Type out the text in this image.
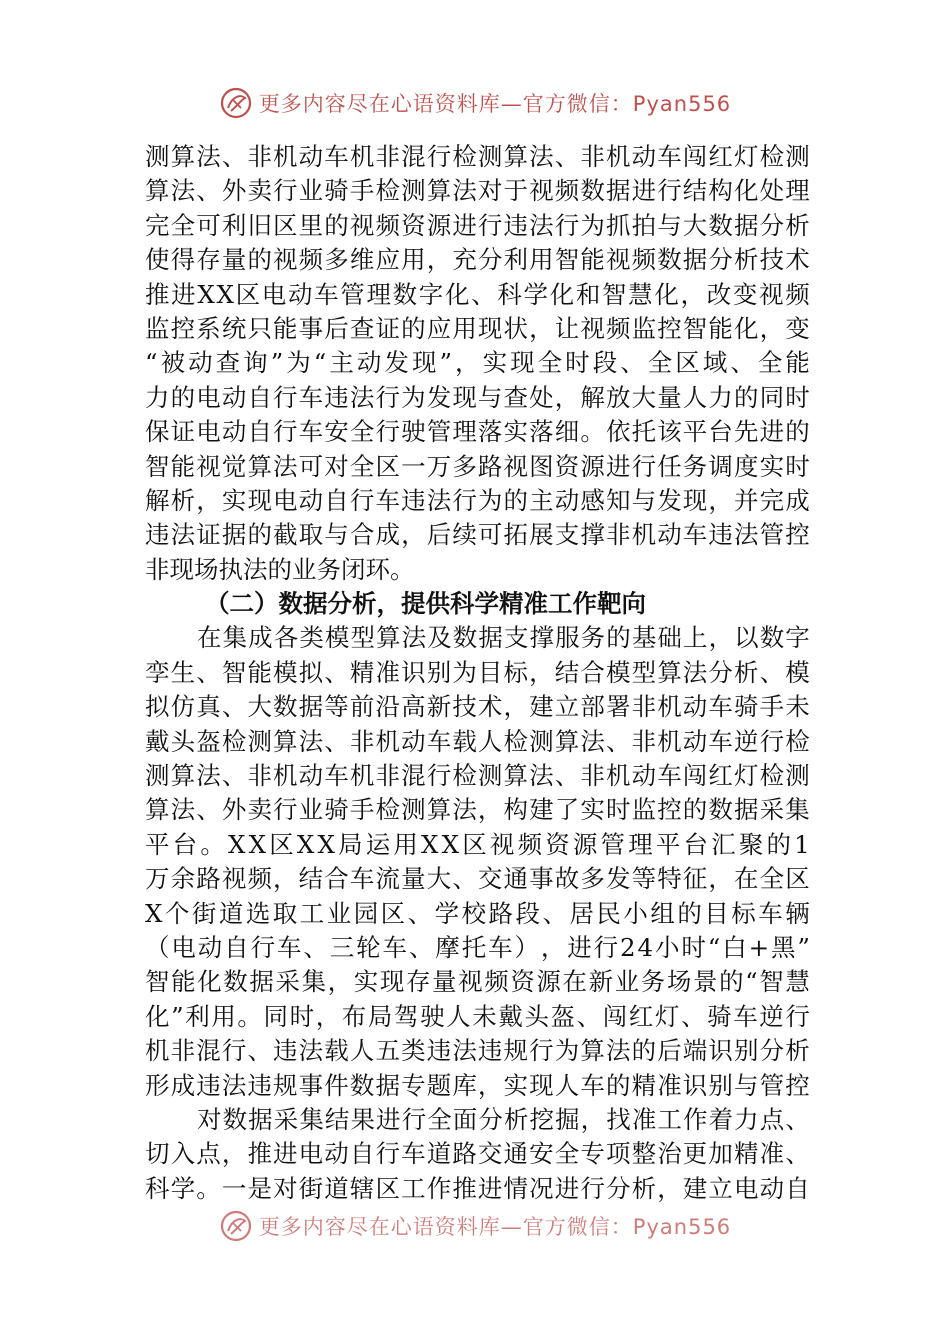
更多内容尽在心语资料库—官方微信：Pyan556
测 算 法 、 非 机 动 车 机 非 混 行 检 测 算 法 、 非 机 动 车 闯 红 灯 检 测
算 法 、 外 卖 行 业 骑 手 检 测 算 法 对 于 视 频 数 据 进 行 结 构 化 处 理
完 全 可 利 旧 区 里 的 视 频 资 源 进 行 违 法 行 为 抓 拍 与 大 数 据 分 析
使 得 存 量 的 视 频 多 维 应 用 ， 充 分 利 用 智 能 视 频 数 据 分 析 技 术
推 进 X X 区 电 动 车 管 理 数 字 化 、 科 学 化 和 智 慧 化 ， 改 变 视 频
监 控 系 统 只 能 事 后 查 证 的 应 用 现 状 ， 让 视 频 监 控 智 能 化 ， 变
“ 被 动 查 询 ” 为 “ 主 动 发 现 ” ， 实 现 全 时 段 、 全 区 域 、 全 能
力 的 电 动 自 行 车 违 法 行 为 发 现 与 查 处 ， 解 放 大 量 人 力 的 同 时
保 证 电 动 自 行 车 安 全 行 驶 管 理 落 实 落 细 。 依 托 该 平 台 先 进 的
智 能 视 觉 算 法 可 对 全 区 一 万 多 路 视 图 资 源 进 行 任 务 调 度 实 时
解 析 ， 实 现 电 动 自 行 车 违 法 行 为 的 主 动 感 知 与 发 现 ， 并 完 成
违 法 证 据 的 截 取 与 合 成 ， 后 续 可 拓 展 支 撑 非 机 动 车 违 法 管 控
非 现 场 执 法 的 业 务 闭 环 。
（二）数据分析，提供科学精准工作靶向
在 集 成 各 类 模 型 算 法 及 数 据 支 撑 服 务 的 基 础 上 ， 以 数 字
孪 生 、 智 能 模 拟 、 精 准 识 别 为 目 标 ， 结 合 模 型 算 法 分 析 、 模
拟 仿 真 、 大 数 据 等 前 沿 高 新 技 术 ， 建 立 部 署 非 机 动 车 骑 手 未
戴 头 盔 检 测 算 法 、 非 机 动 车 载 人 检 测 算 法 、 非 机 动 车 逆 行 检
测 算 法 、 非 机 动 车 机 非 混 行 检 测 算 法 、 非 机 动 车 闯 红 灯 检 测
算 法 、 外 卖 行 业 骑 手 检 测 算 法 ， 构 建 了 实 时 监 控 的 数 据 采 集
平 台 。 X X 区 X X 局 运 用 X X 区 视 频 资 源 管 理 平 台 汇 聚 的 1
万 余 路 视 频 ， 结 合 车 流 量 大 、 交 通 事 故 多 发 等 特 征 ， 在 全 区
X 个 街 道 选 取 工 业 园 区 、 学 校 路 段 、 居 民 小 组 的 目 标 车 辆
（ 电 动 自 行 车 、 三 轮 车 、 摩 托 车 ） ， 进 行 2 4 小 时 “ 白 + 黑 ”
智 能 化 数 据 采 集 ， 实 现 存 量 视 频 资 源 在 新 业 务 场 景 的 “ 智 慧
化 ” 利 用 。 同 时 ， 布 局 驾 驶 人 未 戴 头 盔 、 闯 红 灯 、 骑 车 逆 行
机 非 混 行 、 违 法 载 人 五 类 违 法 违 规 行 为 算 法 的 后 端 识 别 分 析
形 成 违 法 违 规 事 件 数 据 专 题 库 ， 实 现 人 车 的 精 准 识 别 与 管 控
对 数 据 采 集 结 果 进 行 全 面 分 析 挖 掘 ， 找 准 工 作 着 力 点 、
切 入 点 ， 推 进 电 动 自 行 车 道 路 交 通 安 全 专 项 整 治 更 加 精 准 、
科 学 。 一 是 对 街 道 辖 区 工 作 推 进 情 况 进 行 分 析 ， 建 立 电 动 自
更多内容尽在心语资料库—官方微信：Pyan556
